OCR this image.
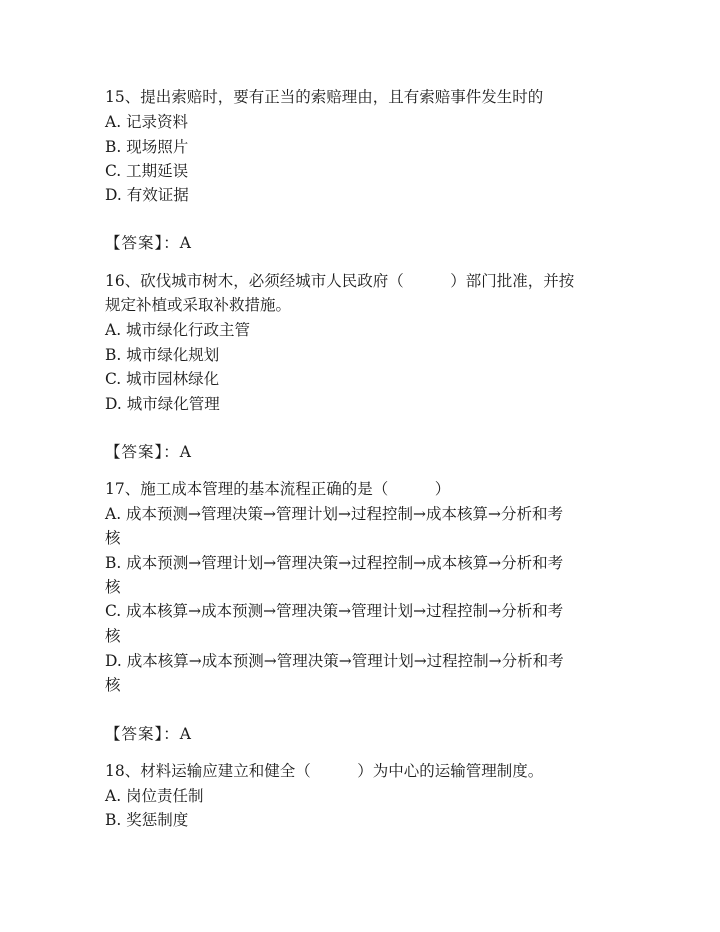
15、提出索赔时，要有正当的索赔理由，且有索赔事件发生时的
A. 记录资料
B. 现场照片
C. 工期延误
D. 有效证据
【答案】：A
16、砍伐城市树木，必须经城市人民政府（　　　）部门批准，并按
规定补植或采取补救措施。
A. 城市绿化行政主管
B. 城市绿化规划
C. 城市园林绿化
D. 城市绿化管理
【答案】：A
17、施工成本管理的基本流程正确的是（　　　）
A. 成本预测→管理决策→管理计划→过程控制→成本核算→分析和考
核
B. 成本预测→管理计划→管理决策→过程控制→成本核算→分析和考
核
C. 成本核算→成本预测→管理决策→管理计划→过程控制→分析和考
核
D. 成本核算→成本预测→管理决策→管理计划→过程控制→分析和考
核
【答案】：A
18、材料运输应建立和健全（　　　）为中心的运输管理制度。
A. 岗位责任制
B. 奖惩制度
